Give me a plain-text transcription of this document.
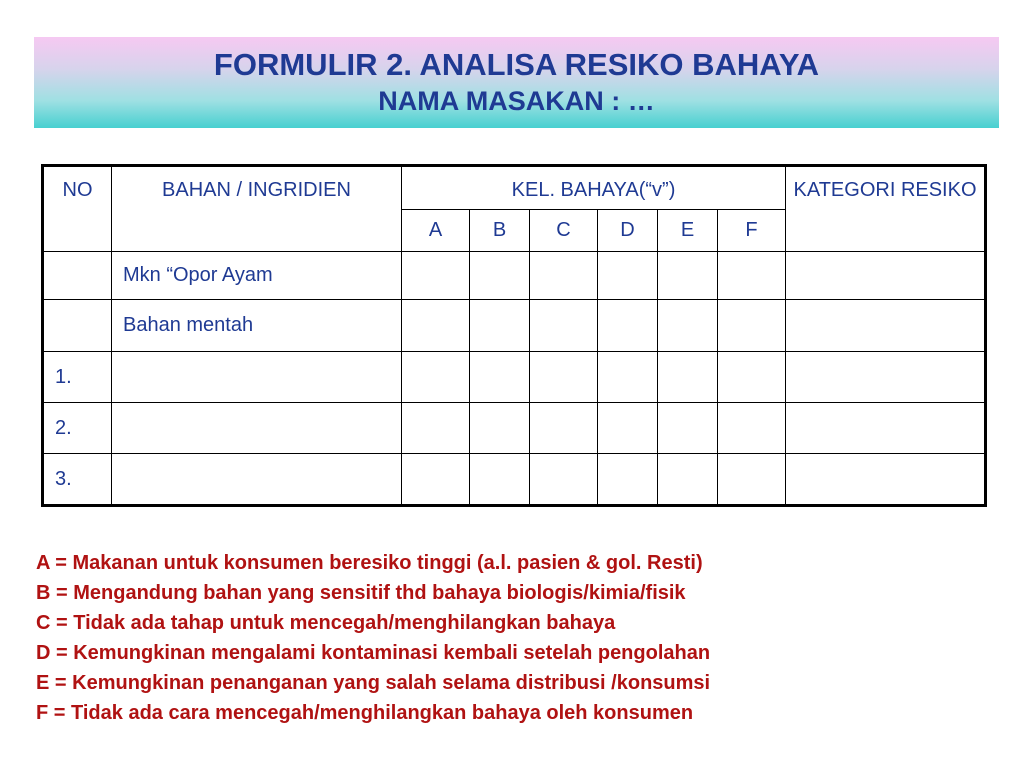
FORMULIR 2. ANALISA RESIKO BAHAYA
NAMA MASAKAN : …
NO	BAHAN / INGRIDIEN	KEL. BAHAYA(“v”)						KATEGORI RESIKO
		A	B	C	D	E	F	
	Mkn “Opor Ayam							
	Bahan mentah							
1.								
2.								
3.								
A = Makanan untuk konsumen beresiko tinggi (a.l. pasien & gol. Resti)
B = Mengandung bahan yang sensitif thd bahaya biologis/kimia/fisik
C = Tidak ada tahap untuk mencegah/menghilangkan bahaya
D = Kemungkinan mengalami kontaminasi kembali setelah pengolahan
E = Kemungkinan penanganan yang salah selama distribusi /konsumsi
F = Tidak ada cara mencegah/menghilangkan bahaya oleh konsumen
